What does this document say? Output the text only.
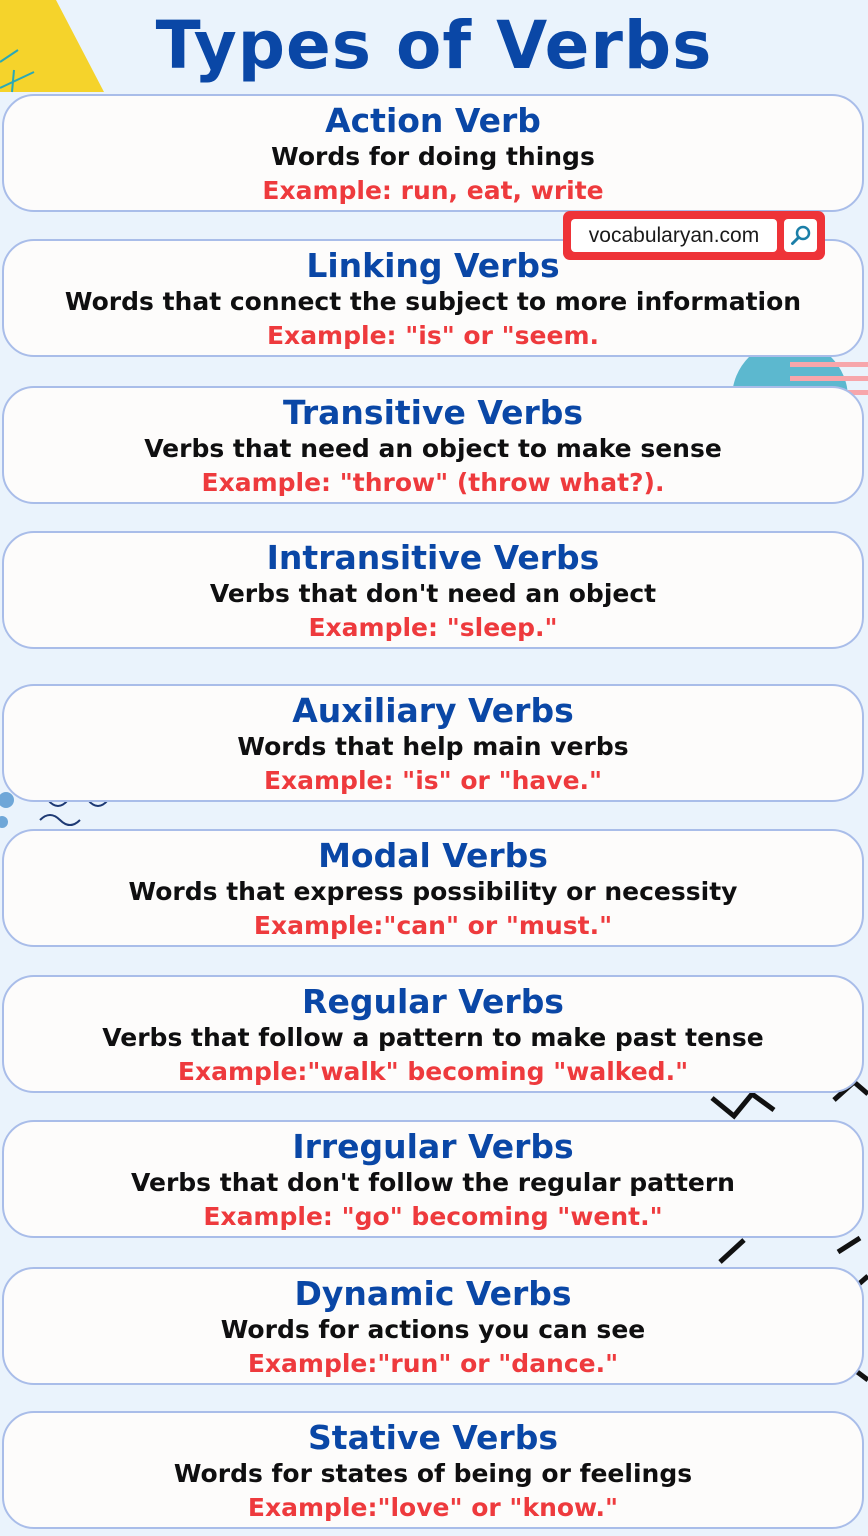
Types of Verbs
vocabularyan.com
Action Verb
Words for doing things
Example: run, eat, write
Linking Verbs
Words that connect the subject to more information
Example: "is" or "seem.
Transitive Verbs
Verbs that need an object to make sense
Example: "throw" (throw what?).
Intransitive Verbs
Verbs that don't need an object
Example: "sleep."
Auxiliary Verbs
Words that help main verbs
Example: "is" or "have."
Modal Verbs
Words that express possibility or necessity
Example:"can" or "must."
Regular Verbs
Verbs that follow a pattern to make past tense
Example:"walk" becoming "walked."
Irregular Verbs
Verbs that don't follow the regular pattern
Example: "go" becoming "went."
Dynamic Verbs
Words for actions you can see
Example:"run" or "dance."
Stative Verbs
Words for states of being or feelings
Example:"love" or "know."
